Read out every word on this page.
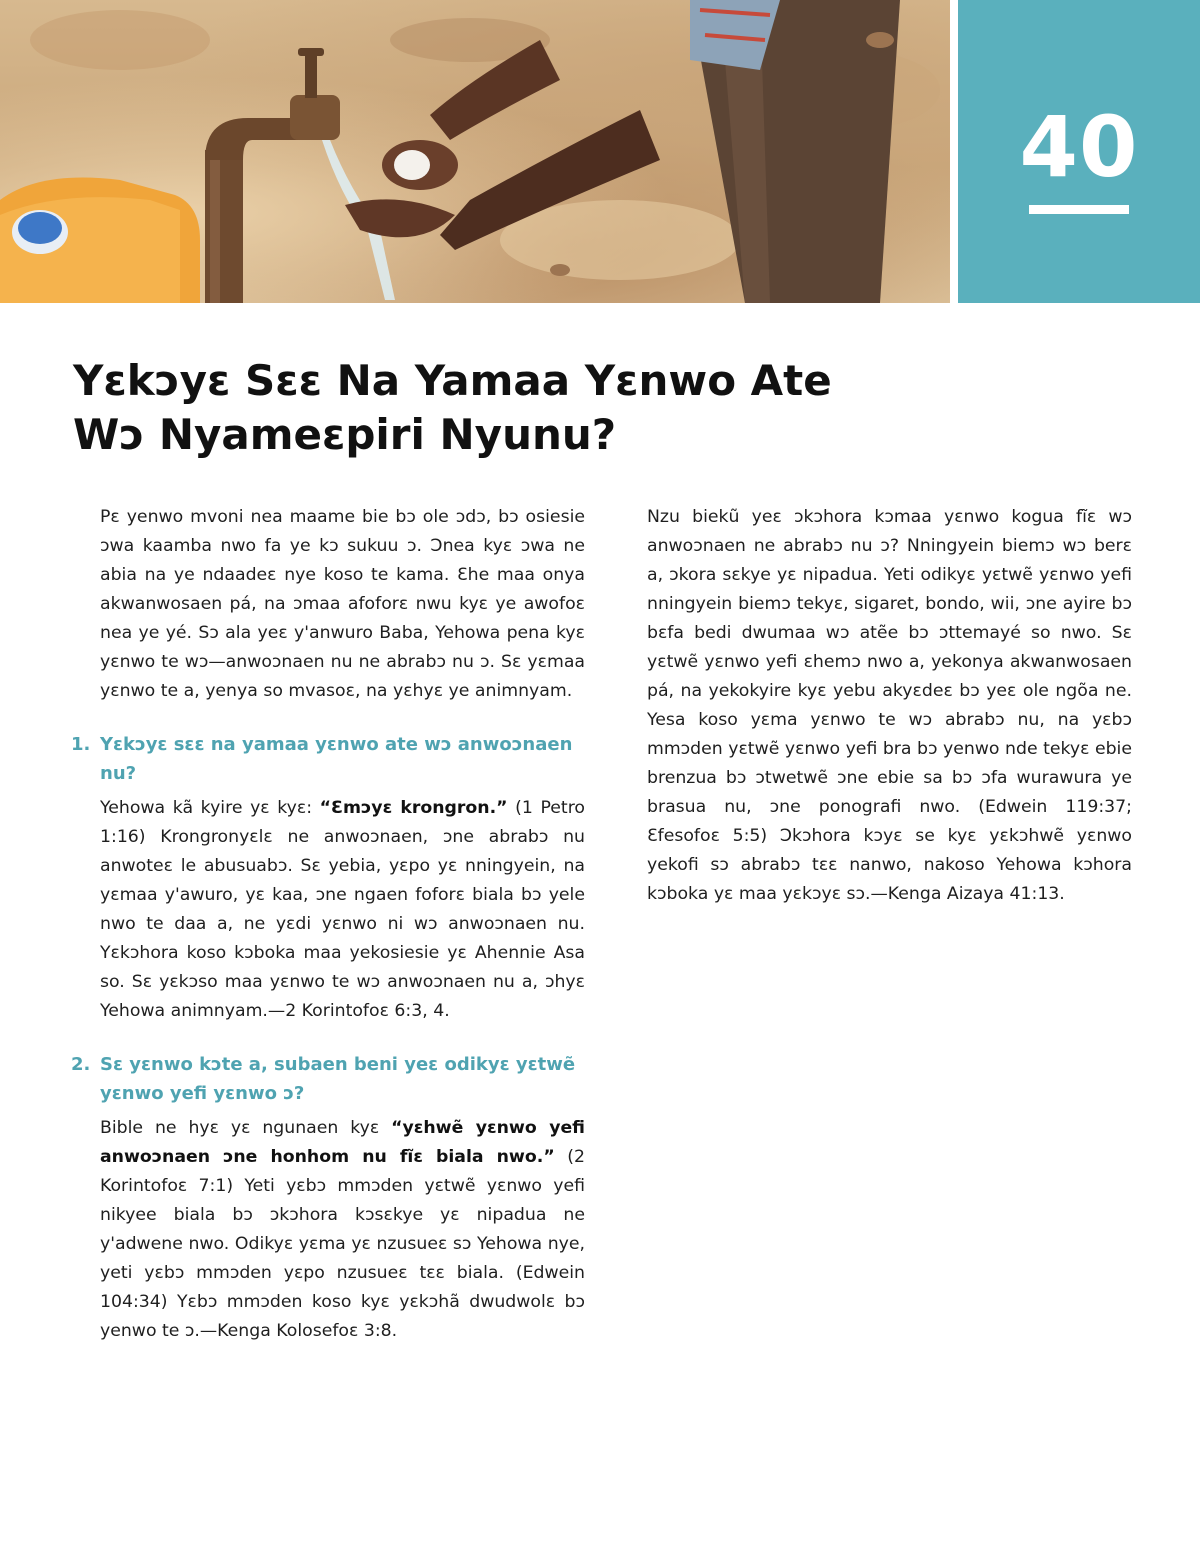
40
Yɛkɔyɛ Sɛɛ Na Yamaa Yɛnwo Ate
Wɔ Nyameɛpiri Nyunu?

Pɛ yenwo mvoni nea maame bie bɔ ole ɔdɔ, bɔ osiesie ɔwa kaamba nwo fa ye kɔ sukuu ɔ. Ɔnea kyɛ ɔwa ne abia na ye ndaadeɛ nye koso te kama. Ɛhe maa onya akwanwosaen pá, na ɔmaa afoforɛ nwu kyɛ ye awofoɛ nea ye yé. Sɔ ala yeɛ y'anwuro Baba, Yehowa pena kyɛ yɛnwo te wɔ—anwoɔnaen nu ne abrabɔ nu ɔ. Sɛ yɛmaa yɛnwo te a, yenya so mvasoɛ, na yɛhyɛ ye animnyam.

1. Yɛkɔyɛ sɛɛ na yamaa yɛnwo ate wɔ anwoɔnaen nu?

Yehowa kã kyire yɛ kyɛ: “Ɛmɔyɛ krongron.” (1 Petro 1:16) Krongronyɛlɛ ne anwoɔnaen, ɔne abrabɔ nu anwoteɛ le abusuabɔ. Sɛ yebia, yɛpo yɛ nningyein, na yɛmaa y'awuro, yɛ kaa, ɔne ngaen foforɛ biala bɔ yele nwo te daa a, ne yɛdi yɛnwo ni wɔ anwoɔnaen nu. Yɛkɔhora koso kɔboka maa yekosiesie yɛ Ahennie Asa so. Sɛ yɛkɔso maa yɛnwo te wɔ anwoɔnaen nu a, ɔhyɛ Yehowa animnyam.—2 Korintofoɛ 6:3, 4.

2. Sɛ yɛnwo kɔte a, subaen beni yeɛ odikyɛ yɛtwẽ yɛnwo yefi yɛnwo ɔ?

Bible ne hyɛ yɛ ngunaen kyɛ “yɛhwẽ yɛnwo yefi anwoɔnaen ɔne honhom nu fĩɛ biala nwo.” (2 Korintofoɛ 7:1) Yeti yɛbɔ mmɔden yɛtwẽ yɛnwo yefi nikyee biala bɔ ɔkɔhora kɔsɛkye yɛ nipadua ne y'adwene nwo. Odikyɛ yɛma yɛ nzusueɛ sɔ Yehowa nye, yeti yɛbɔ mmɔden yɛpo nzusueɛ tɛɛ biala. (Edwein 104:34) Yɛbɔ mmɔden koso kyɛ yɛkɔhã dwudwolɛ bɔ yenwo te ɔ.—Kenga Kolosefoɛ 3:8.

Nzu biekũ yeɛ ɔkɔhora kɔmaa yɛnwo kogua fĩɛ wɔ anwoɔnaen ne abrabɔ nu ɔ? Nningyein biemɔ wɔ berɛ a, ɔkora sɛkye yɛ nipadua. Yeti odikyɛ yɛtwẽ yɛnwo yefi nningyein biemɔ tekyɛ, sigaret, bondo, wii, ɔne ayire bɔ bɛfa bedi dwumaa wɔ atẽe bɔ ɔttemayé so nwo. Sɛ yɛtwẽ yɛnwo yefi ɛhemɔ nwo a, yekonya akwanwosaen pá, na yekokyire kyɛ yebu akyɛdeɛ bɔ yeɛ ole ngõa ne. Yesa koso yɛma yɛnwo te wɔ abrabɔ nu, na yɛbɔ mmɔden yɛtwẽ yɛnwo yefi bra bɔ yenwo nde tekyɛ ebie brenzua bɔ ɔtwetwẽ ɔne ebie sa bɔ ɔfa wurawura ye brasua nu, ɔne ponografi nwo. (Edwein 119:37; Ɛfesofoɛ 5:5) Ɔkɔhora kɔyɛ se kyɛ yɛkɔhwẽ yɛnwo yekofi sɔ abrabɔ tɛɛ nanwo, nakoso Yehowa kɔhora kɔboka yɛ maa yɛkɔyɛ sɔ.—Kenga Aizaya 41:13.
